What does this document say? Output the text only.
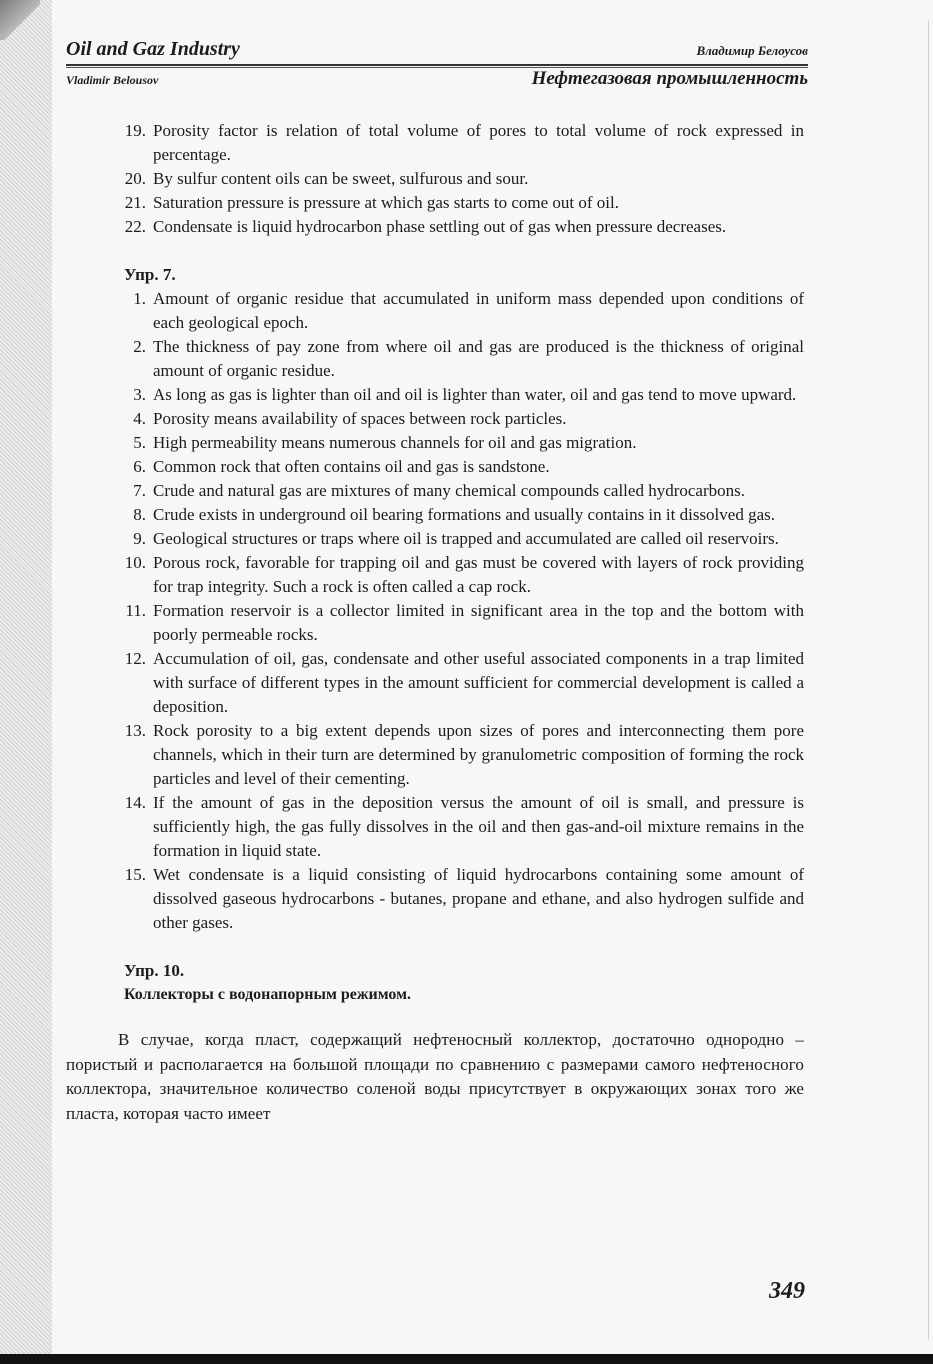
Oil and Gaz Industry	Владимир Белоусов
Vladimir Belousov	Нефтегазовая промышленность
19. Porosity factor is relation of total volume of pores to total volume of rock expressed in percentage.
20. By sulfur content oils can be sweet, sulfurous and sour.
21. Saturation pressure is pressure at which gas starts to come out of oil.
22. Condensate is liquid hydrocarbon phase settling out of gas when pressure decreases.
Упр. 7.
1. Amount of organic residue that accumulated in uniform mass depended upon conditions of each geological epoch.
2. The thickness of pay zone from where oil and gas are produced is the thickness of original amount of organic residue.
3. As long as gas is lighter than oil and oil is lighter than water, oil and gas tend to move upward.
4. Porosity means availability of spaces between rock particles.
5. High permeability means numerous channels for oil and gas migration.
6. Common rock that often contains oil and gas is sandstone.
7. Crude and natural gas are mixtures of many chemical compounds called hydrocarbons.
8. Crude exists in underground oil bearing formations and usually contains in it dissolved gas.
9. Geological structures or traps where oil is trapped and accumulated are called oil reservoirs.
10. Porous rock, favorable for trapping oil and gas must be covered with layers of rock providing for trap integrity. Such a rock is often called a cap rock.
11. Formation reservoir is a collector limited in significant area in the top and the bottom with poorly permeable rocks.
12. Accumulation of oil, gas, condensate and other useful associated components in a trap limited with surface of different types in the amount sufficient for commercial development is called a deposition.
13. Rock porosity to a big extent depends upon sizes of pores and interconnecting them pore channels, which in their turn are determined by granulometric composition of forming the rock particles and level of their cementing.
14. If the amount of gas in the deposition versus the amount of oil is small, and pressure is sufficiently high, the gas fully dissolves in the oil and then gas-and-oil mixture remains in the formation in liquid state.
15. Wet condensate is a liquid consisting of liquid hydrocarbons containing some amount of dissolved gaseous hydrocarbons - butanes, propane and ethane, and also hydrogen sulfide and other gases.
Упр. 10.
Коллекторы с водонапорным режимом.
В случае, когда пласт, содержащий нефтеносный коллектор, достаточно однородно – пористый и располагается на большой площади по сравнению с размерами самого нефтеносного коллектора, значительное количество соленой воды присутствует в окружающих зонах того же пласта, которая часто имеет
349
